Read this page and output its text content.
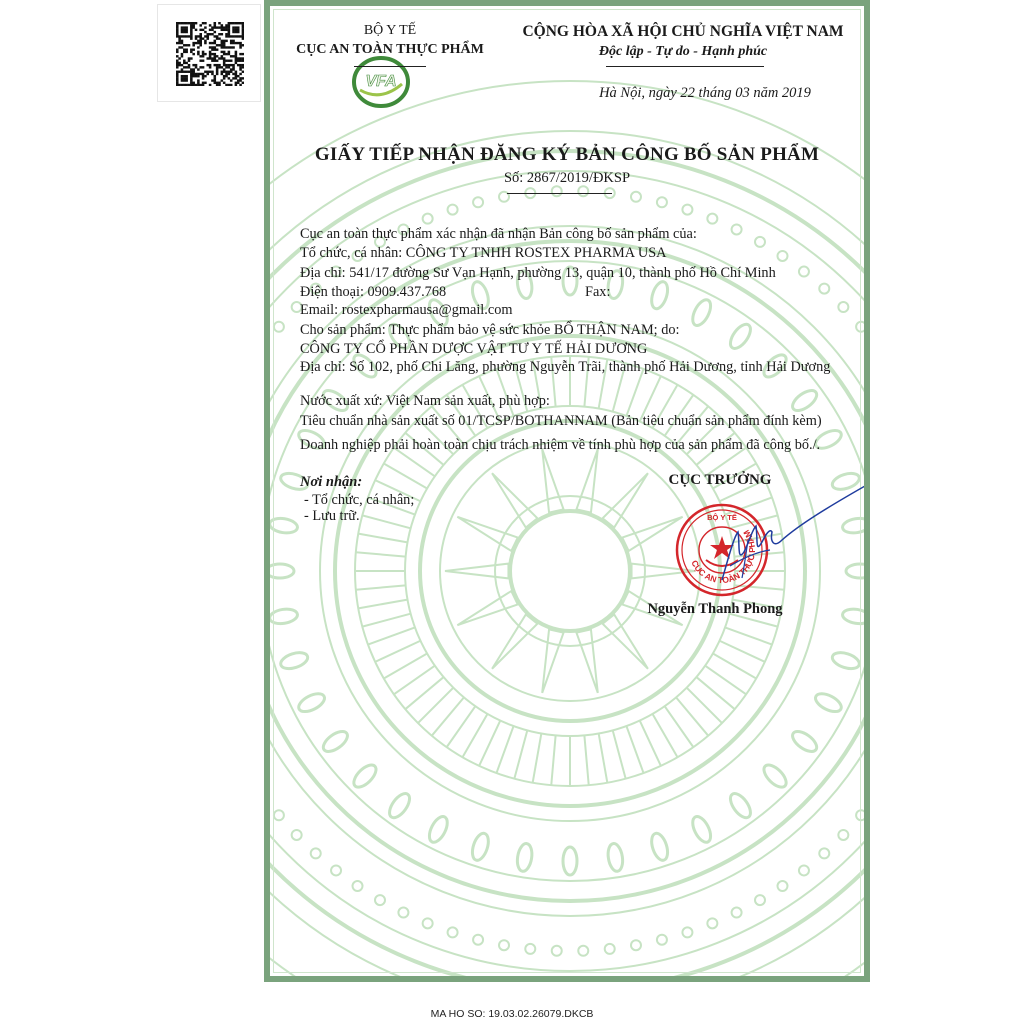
VFA
BỘ Y TẾ
CỤC AN TOÀN THỰC PHẨM
CỘNG HÒA XÃ HỘI CHỦ NGHĨA VIỆT NAM
Độc lập - Tự do - Hạnh phúc
Hà Nội, ngày 22 tháng 03 năm 2019
GIẤY TIẾP NHẬN ĐĂNG KÝ BẢN CÔNG BỐ SẢN PHẨM
Số: 2867/2019/ĐKSP
Cục an toàn thực phẩm xác nhận đã nhận Bản công bố sản phẩm của:
Tổ chức, cá nhân: CÔNG TY TNHH ROSTEX PHARMA USA
Địa chỉ: 541/17 đường Sư Vạn Hạnh, phường 13, quận 10, thành phố Hồ Chí Minh
Điện thoại: 0909.437.768	Fax:
Email: rostexpharmausa@gmail.com
Cho sản phẩm: Thực phẩm bảo vệ sức khỏe BỔ THẬN NAM; do:
CÔNG TY CỔ PHẦN DƯỢC VẬT TƯ Y TẾ HẢI DƯƠNG
Địa chỉ: Số 102, phố Chi Lăng, phường Nguyễn Trãi, thành phố Hải Dương, tỉnh Hải Dương
Nước xuất xứ: Việt Nam sản xuất, phù hợp:
Tiêu chuẩn nhà sản xuất số 01/TCSP/BOTHANNAM (Bản tiêu chuẩn sản phẩm đính kèm)
Doanh nghiệp phải hoàn toàn chịu trách nhiệm về tính phù hợp của sản phẩm đã công bố./.
Nơi nhận:
- Tổ chức, cá nhân;
- Lưu trữ.
CỤC TRƯỞNG
CỤC AN TOÀN THỰC PHẨM
BỘ Y TẾ
Nguyễn Thanh Phong
MA HO SO: 19.03.02.26079.DKCB
